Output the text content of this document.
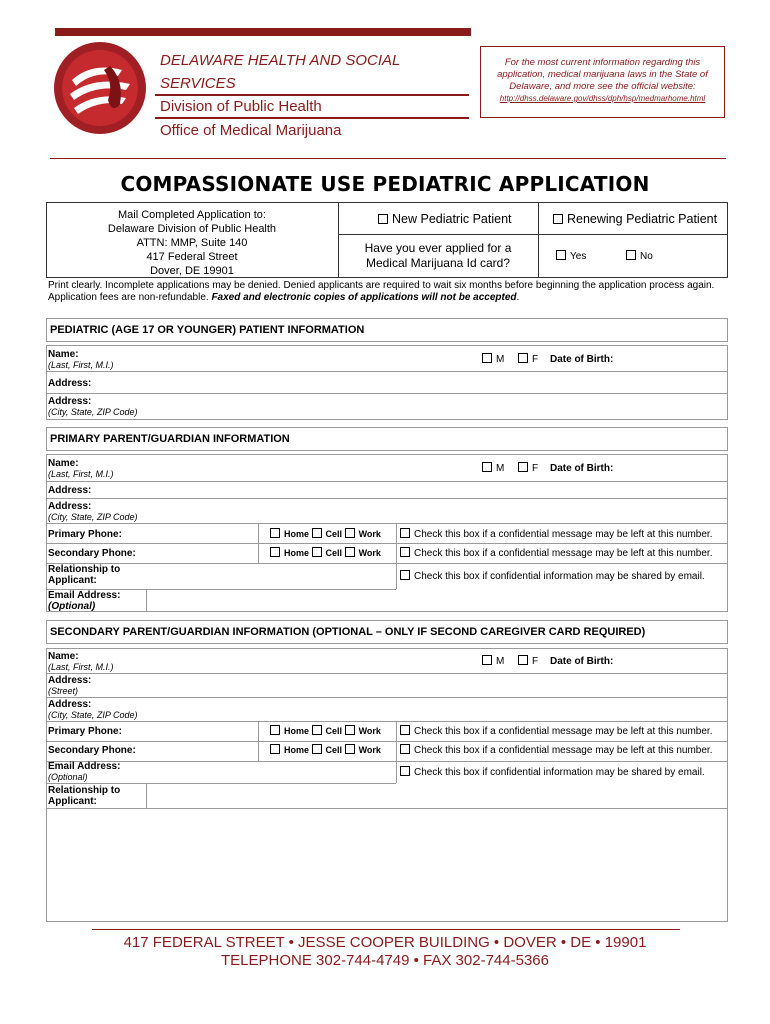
DELAWARE HEALTH AND SOCIAL
SERVICES
Division of Public Health
Office of Medical Marijuana
For the most current information regarding this application, medical marijuana laws in the State of Delaware, and more see the official website:
http://dhss.delaware.gov/dhss/dph/hsp/medmarhome.html
COMPASSIONATE USE PEDIATRIC APPLICATION
Mail Completed Application to:
Delaware Division of Public Health
ATTN: MMP, Suite 140
417 Federal Street
Dover, DE 19901
New Pediatric Patient	Renewing Pediatric Patient
Have you ever applied for a
Medical Marijuana Id card?	Yes	No
Print clearly. Incomplete applications may be denied. Denied applicants are required to wait six months before beginning the application process again. Application fees are non-refundable. Faxed and electronic copies of applications will not be accepted.
PEDIATRIC (AGE 17 OR YOUNGER) PATIENT INFORMATION
Name:
(Last, First, M.I.)	M	F Date of Birth:
Address:
Address:
(City, State, ZIP Code)
PRIMARY PARENT/GUARDIAN INFORMATION
Name:
(Last, First, M.I.)	M	F Date of Birth:
Address:
Address:
(City, State, ZIP Code)
Primary Phone:	Home Cell Work	Check this box if a confidential message may be left at this number.
Secondary Phone:	Home Cell Work	Check this box if a confidential message may be left at this number.
Relationship to
Applicant:	Check this box if confidential information may be shared by email.
Email Address:
(Optional)
SECONDARY PARENT/GUARDIAN INFORMATION (OPTIONAL – ONLY IF SECOND CAREGIVER CARD REQUIRED)
Name:
(Last, First, M.I.)	M	F Date of Birth:
Address:
(Street)
Address:
(City, State, ZIP Code)
Primary Phone:	Home Cell Work	Check this box if a confidential message may be left at this number.
Secondary Phone:	Home Cell Work	Check this box if a confidential message may be left at this number.
Email Address:
(Optional)	Check this box if confidential information may be shared by email.
Relationship to
Applicant:
417 FEDERAL STREET • JESSE COOPER BUILDING • DOVER • DE • 19901
TELEPHONE 302-744-4749 • FAX 302-744-5366
